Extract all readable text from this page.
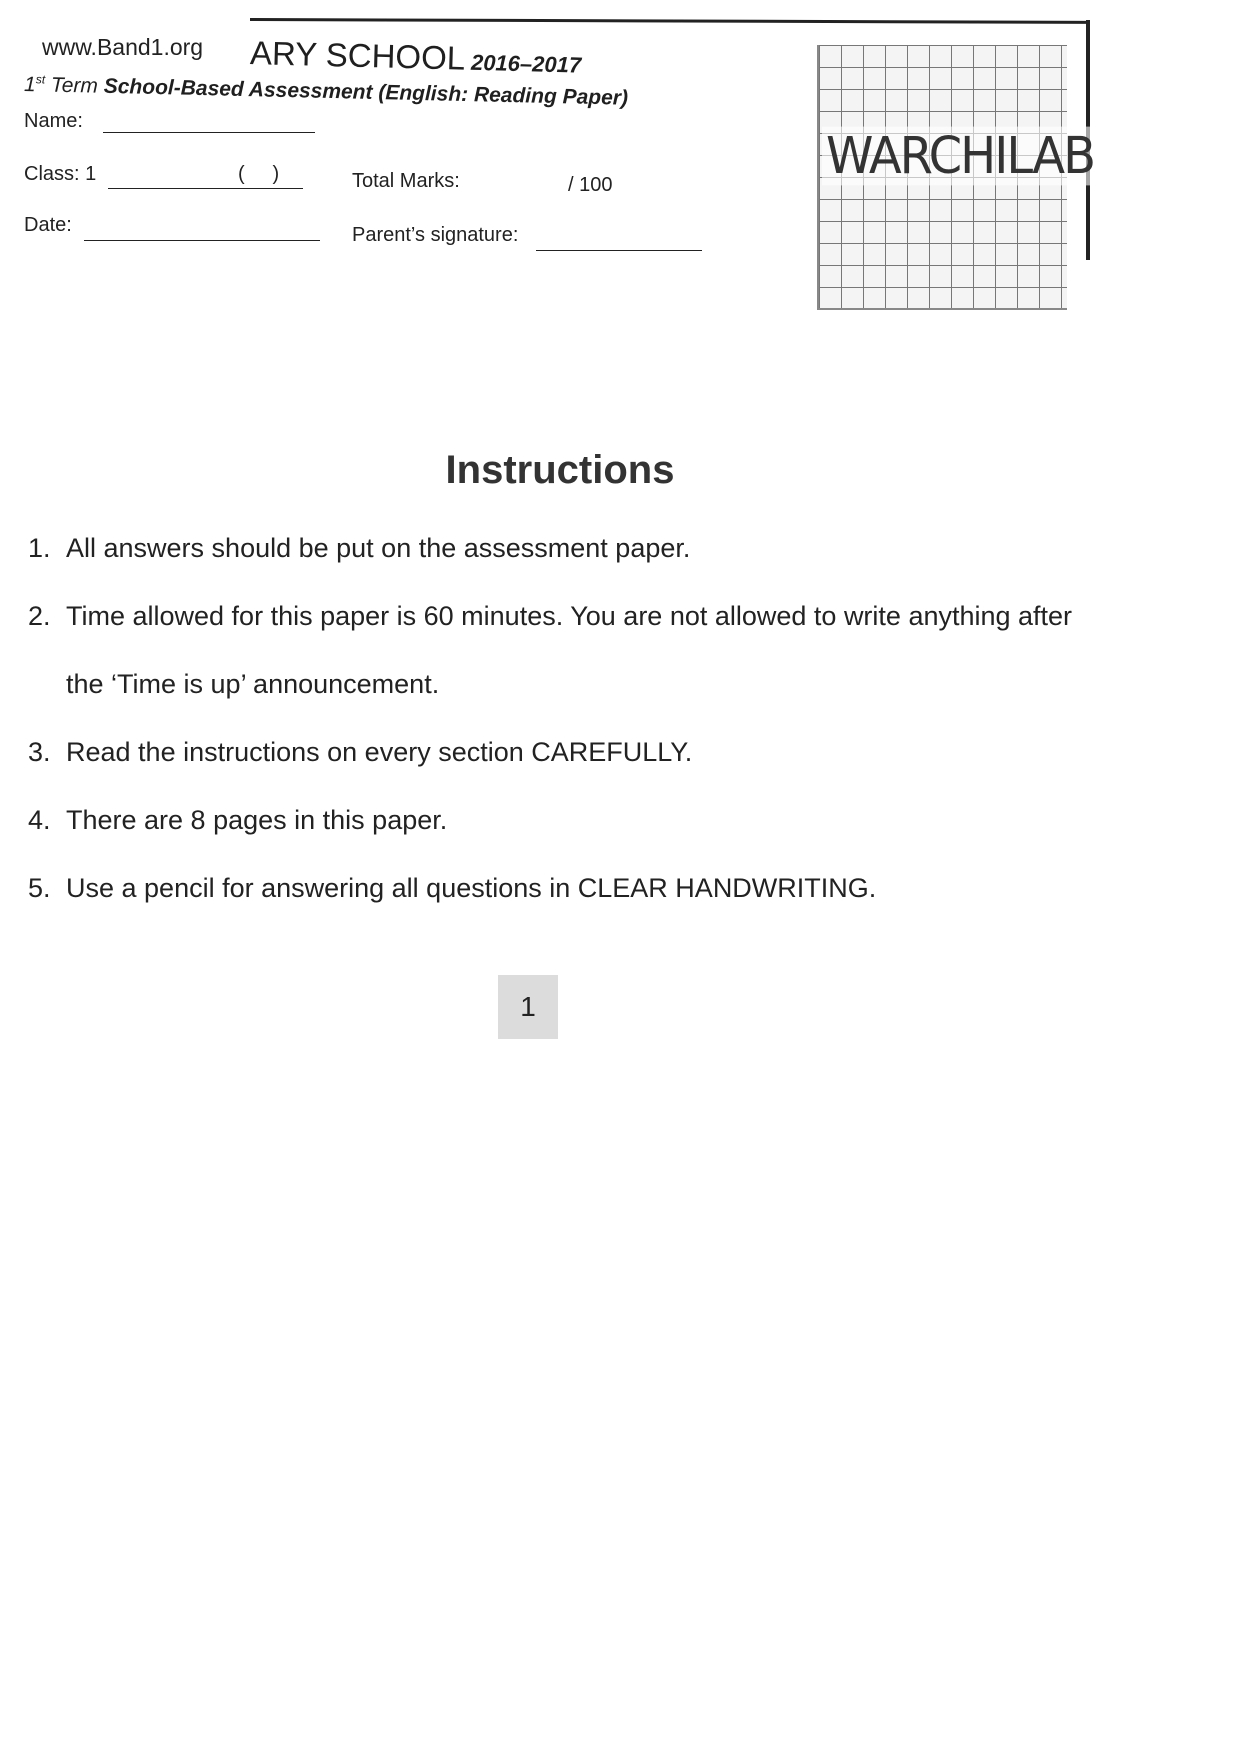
www.Band1.org ARY SCHOOL 2016–2017
1st Term School-Based Assessment (English: Reading Paper)
Name:
Class: 1	(     )	Total Marks:	/ 100
Date:	Parent’s signature:
WARCHILAB
Instructions
1. All answers should be put on the assessment paper.
2. Time allowed for this paper is 60 minutes. You are not allowed to write anything after the ‘Time is up’ announcement.
3. Read the instructions on every section CAREFULLY.
4. There are 8 pages in this paper.
5. Use a pencil for answering all questions in CLEAR HANDWRITING.
1
